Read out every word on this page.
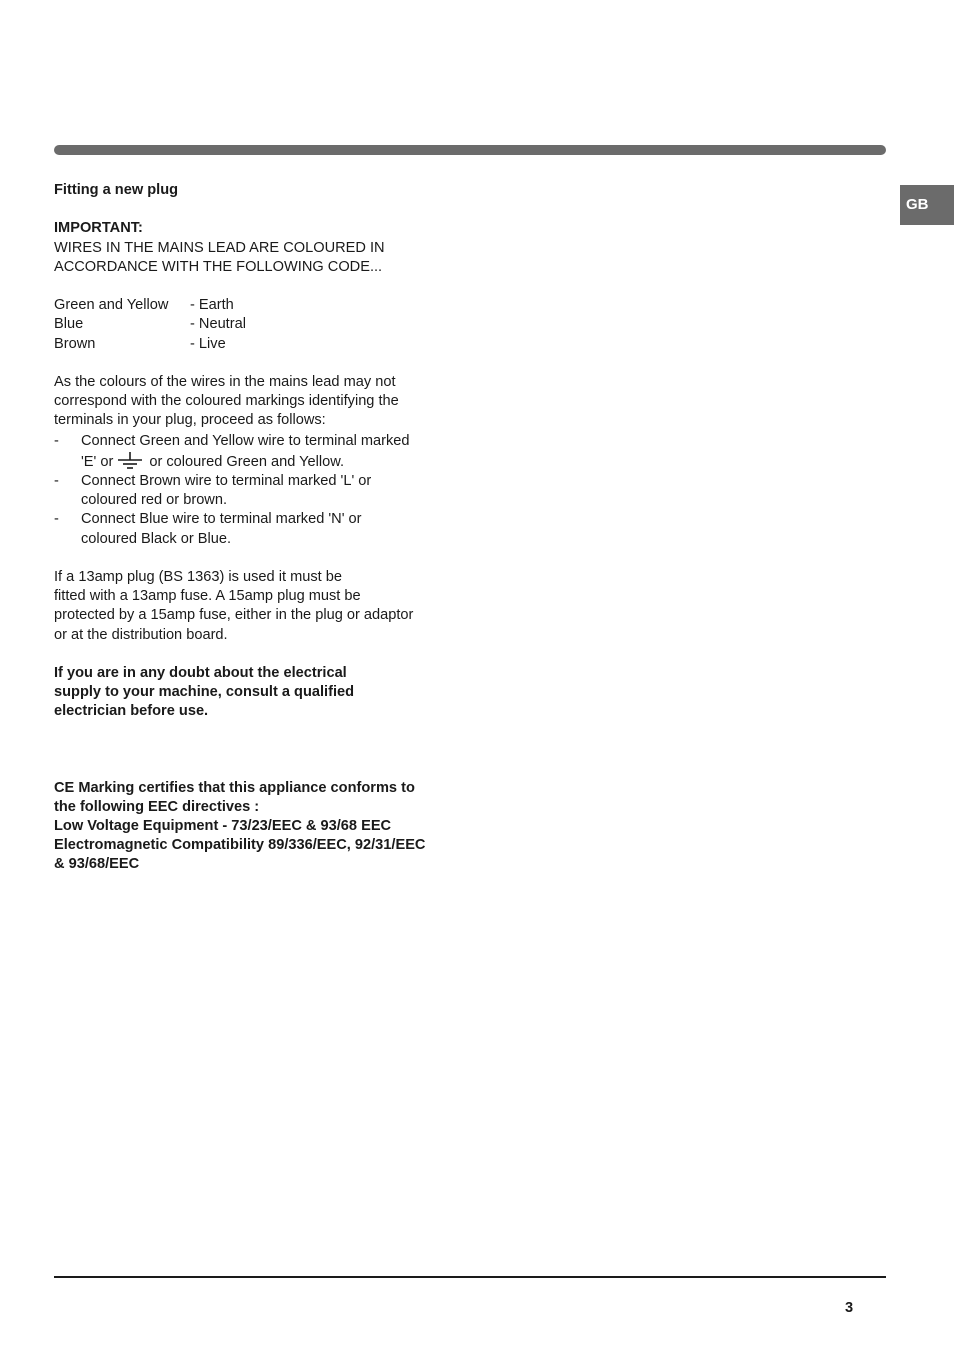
GB

Fitting a new plug

IMPORTANT:

WIRES IN THE MAINS LEAD ARE COLOURED IN

ACCORDANCE WITH THE FOLLOWING CODE...

Green and Yellow	- Earth
Blue	- Neutral
Brown	- Live

As the colours of the wires in the mains lead may not

correspond with the coloured markings identifying the

terminals in your plug, proceed as follows:

-	Connect Green and Yellow wire to terminal marked
'E' or or coloured Green and Yellow.
-	Connect Brown wire to terminal marked 'L' or
coloured red or brown.
-	Connect Blue wire to terminal marked 'N' or
coloured Black or Blue.

If a 13amp plug (BS 1363) is used it must be

fitted with a 13amp fuse. A 15amp plug must be

protected by a 15amp fuse, either in the plug or adaptor

or at the distribution board.

If you are in any doubt about the electrical

supply to your machine, consult a qualified

electrician before use.

CE Marking certifies that this appliance conforms to

the following EEC directives :

Low Voltage Equipment - 73/23/EEC & 93/68 EEC

Electromagnetic Compatibility 89/336/EEC, 92/31/EEC

& 93/68/EEC

3
